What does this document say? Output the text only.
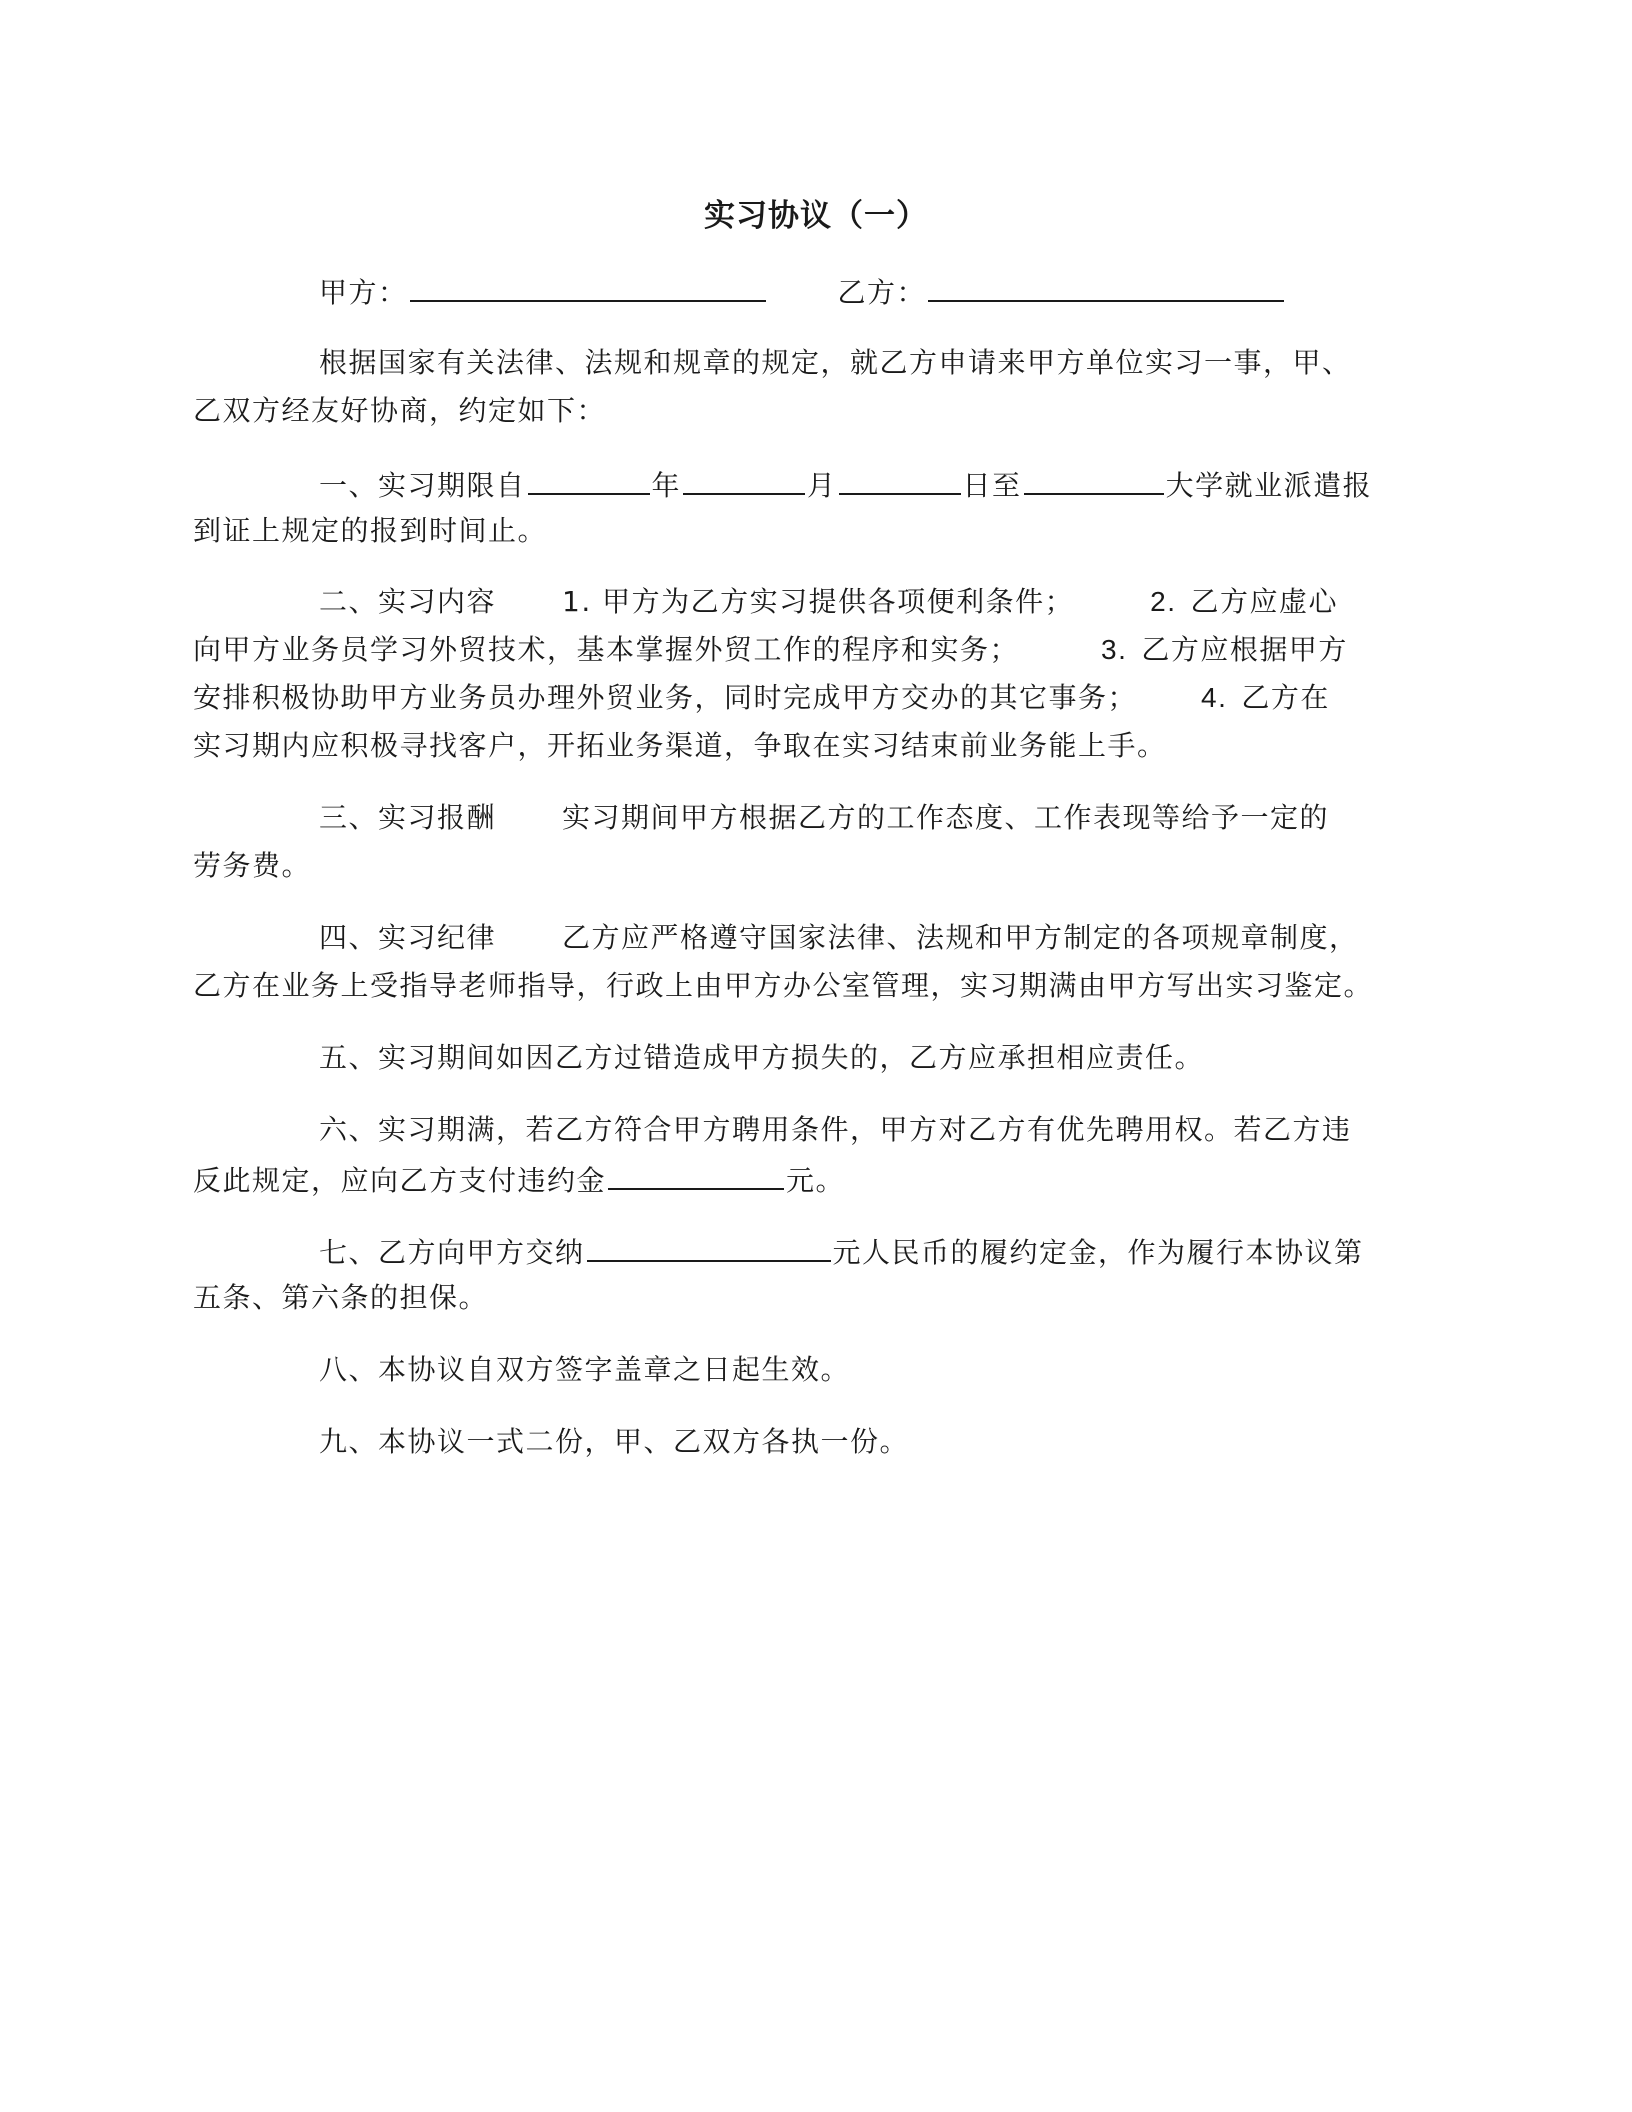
实习协议（一）
甲方：	乙方：
根据国家有关法律、法规和规章的规定，就乙方申请来甲方单位实习一事，甲、
乙双方经友好协商，约定如下：
一、实习期限自	年	月	日至	大学就业派遣报
到证上规定的报到时间止。
二、实习内容 1. 甲方为乙方实习提供各项便利条件；	2. 乙方应虚心
向甲方业务员学习外贸技术，基本掌握外贸工作的程序和实务；	3. 乙方应根据甲方
安排积极协助甲方业务员办理外贸业务，同时完成甲方交办的其它事务； 4. 乙方在
实习期内应积极寻找客户，开拓业务渠道，争取在实习结束前业务能上手。
三、实习报酬 实习期间甲方根据乙方的工作态度、工作表现等给予一定的
劳务费。
四、实习纪律 乙方应严格遵守国家法律、法规和甲方制定的各项规章制度，
乙方在业务上受指导老师指导，行政上由甲方办公室管理，实习期满由甲方写出实习鉴定。
五、实习期间如因乙方过错造成甲方损失的，乙方应承担相应责任。
六、实习期满，若乙方符合甲方聘用条件，甲方对乙方有优先聘用权。若乙方违
反此规定，应向乙方支付违约金	元。
七、乙方向甲方交纳	元人民币的履约定金，作为履行本协议第
五条、第六条的担保。
八、本协议自双方签字盖章之日起生效。
九、本协议一式二份，甲、乙双方各执一份。
